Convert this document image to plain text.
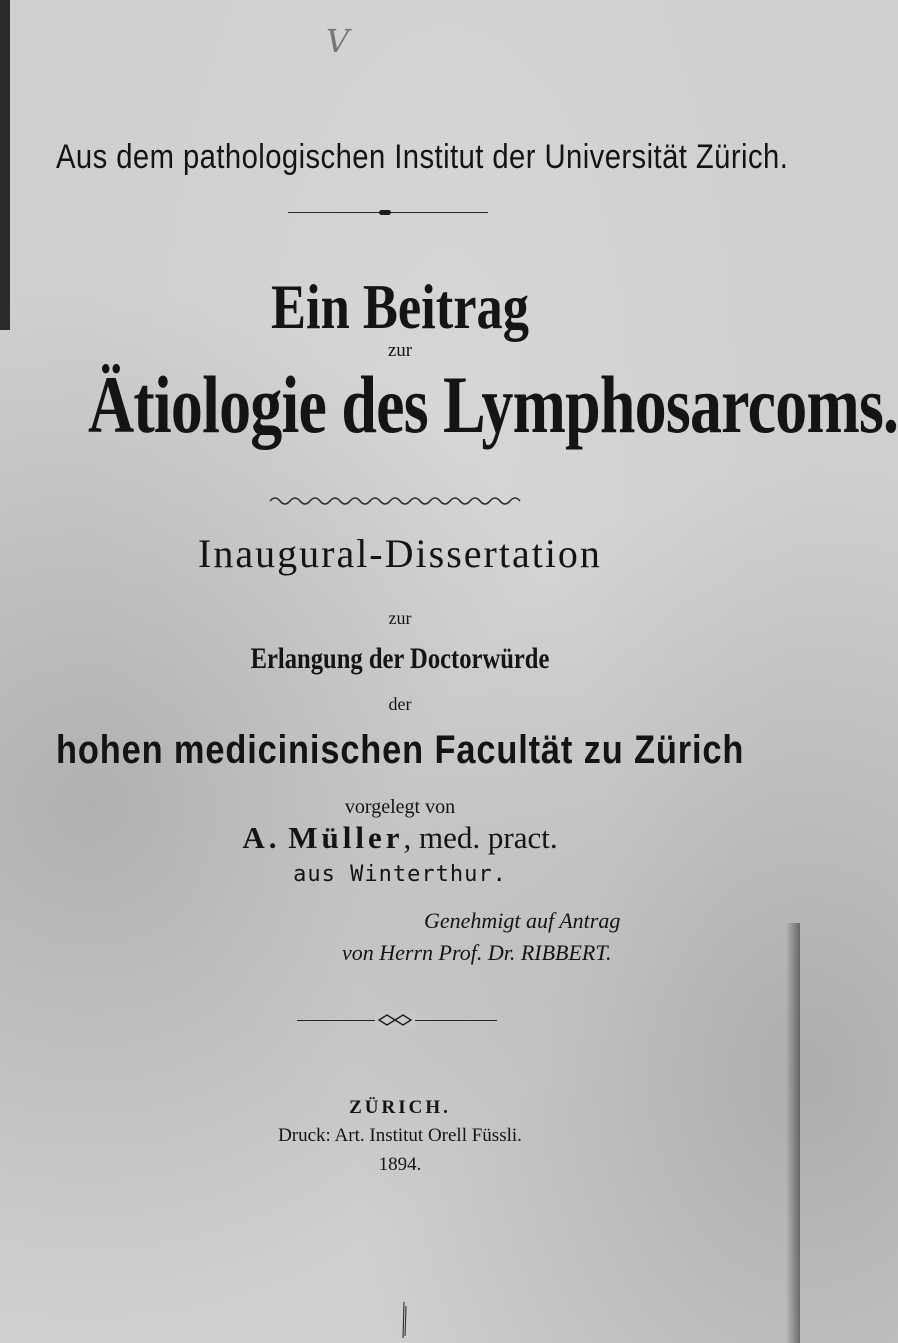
V
Aus dem pathologischen Institut der Universität Zürich.
Ein Beitrag
zur
Ätiologie des Lymphosarcoms.
Inaugural-Dissertation
zur
Erlangung der Doctorwürde
der
hohen medicinischen Facultät zu Zürich
vorgelegt von
A. Müller, med. pract.
aus Winterthur.
Genehmigt auf Antrag
von Herrn Prof. Dr. RIBBERT.
ZÜRICH.
Druck: Art. Institut Orell Füssli.
1894.
